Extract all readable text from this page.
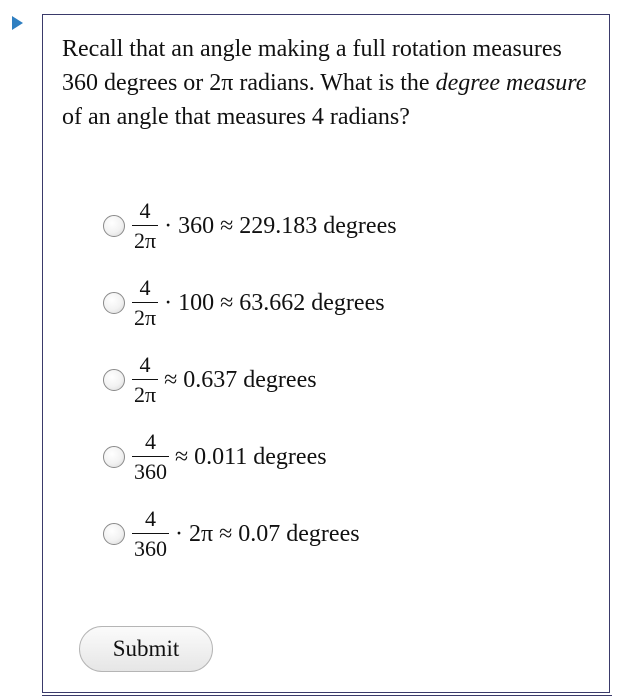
Recall that an angle making a full rotation measures 360 degrees or 2π radians. What is the degree measure of an angle that measures 4 radians?

$\frac{4}{2\pi} \cdot 360 \approx 229.183$ degrees
$\frac{4}{2\pi} \cdot 100 \approx 63.662$ degrees
$\frac{4}{2\pi} \approx 0.637$ degrees
$\frac{4}{360} \approx 0.011$ degrees
$\frac{4}{360} \cdot 2\pi \approx 0.07$ degrees
Submit
